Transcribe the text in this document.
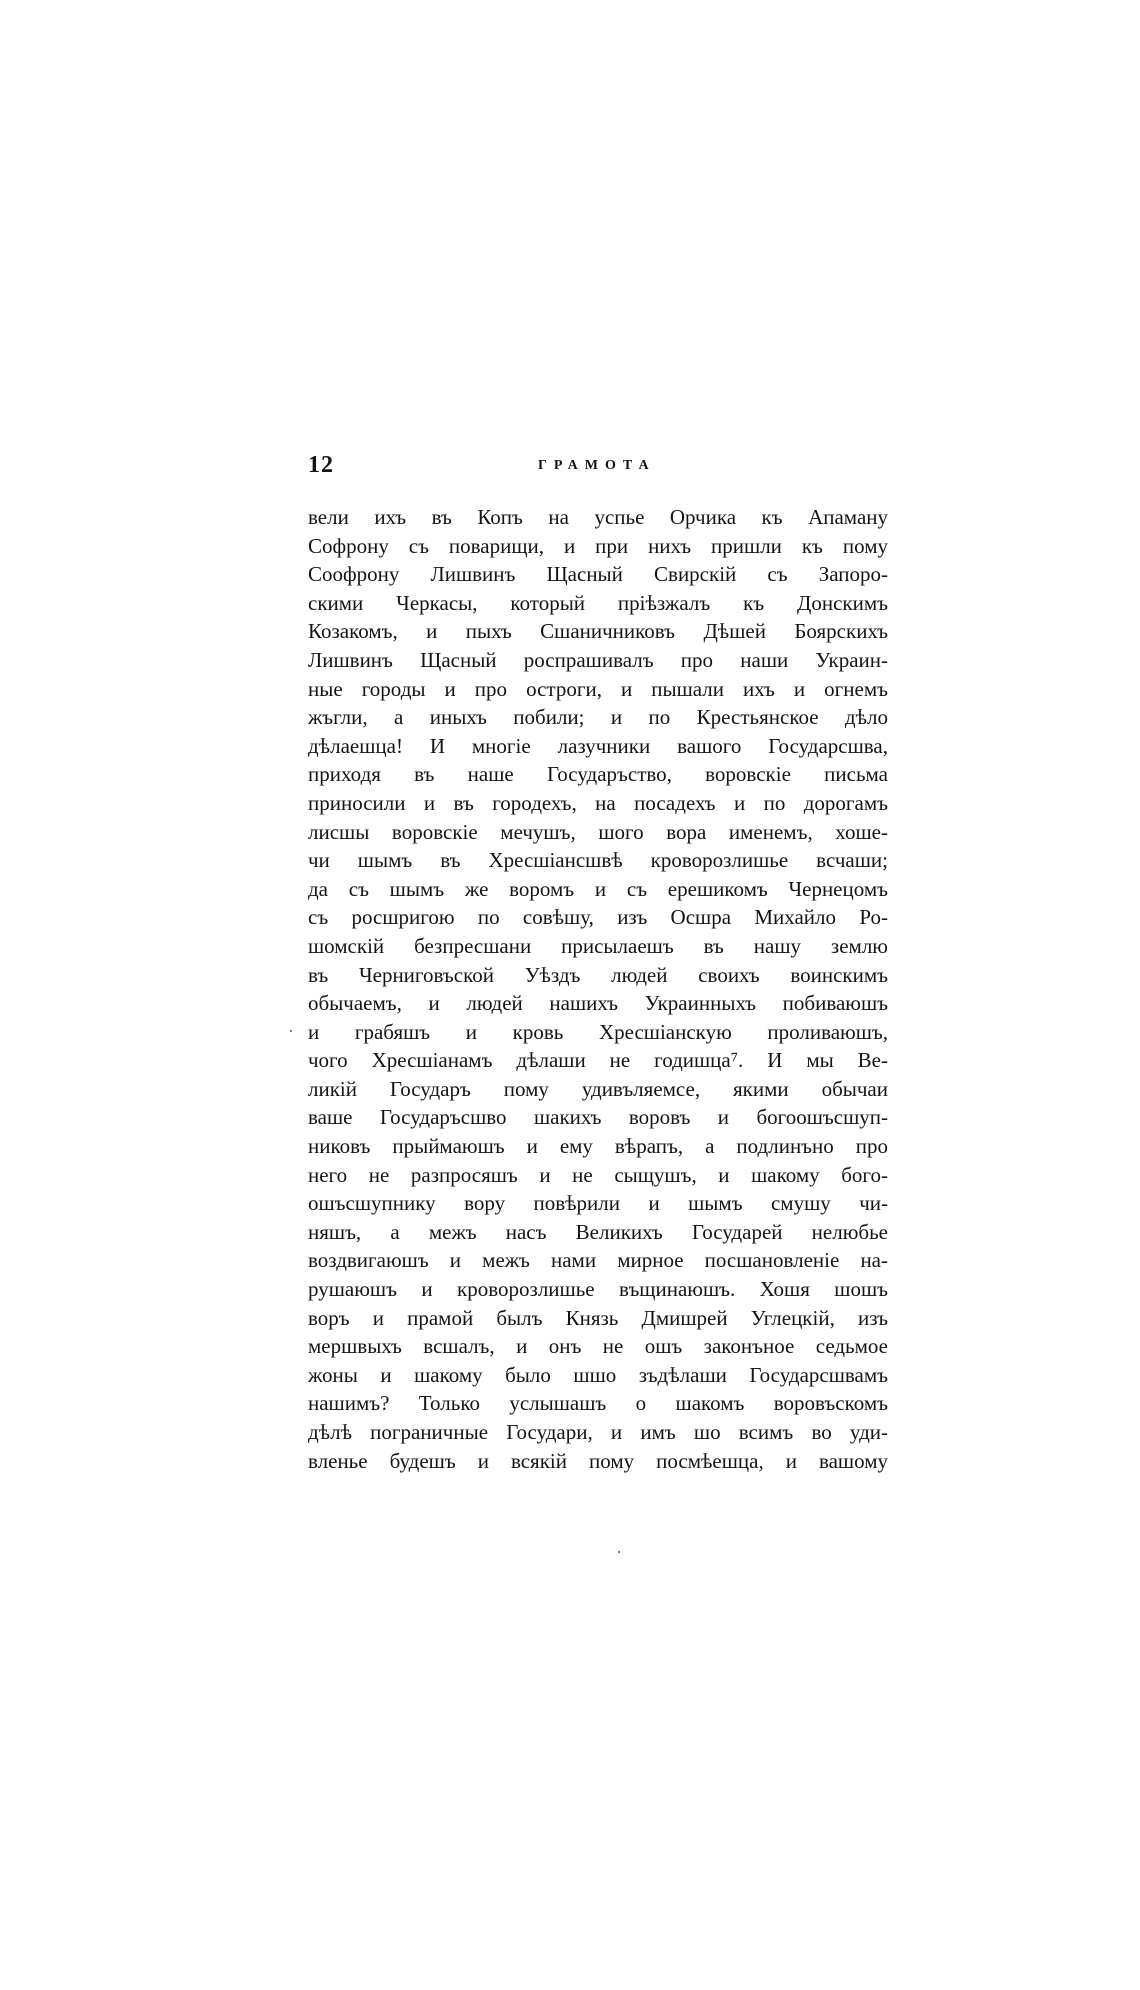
12	ГРАМОТА
вели ихъ въ Копъ на успье Орчика къ Апаману
Софрону съ поварищи, и при нихъ пришли къ пому
Соофрону Лишвинъ Щасный Свирскій съ Запоро-
скими Черкасы, который пріѣзжалъ къ Донскимъ
Козакомъ, и пыхъ Сшаничниковъ Дѣшей Боярскихъ
Лишвинъ Щасный роспрашивалъ про наши Украин-
ные городы и про остроги, и пышали ихъ и огнемъ
жъгли, а иныхъ побили; и по Крестьянское дѣло
дѣлаешца! И многіе лазучники вашого Государсшва,
приходя въ наше Государъство, воровскіе письма
приносили и въ городехъ, на посадехъ и по дорогамъ
лисшы воровскіе мечушъ, шого вора именемъ, хоше-
чи шымъ въ Хресшіансшвѣ кроворозлишье всчаши;
да съ шымъ же воромъ и съ ерешикомъ Чернецомъ
съ росшригою по совѣшу, изъ Осшра Михайло Ро-
шомскій безпресшани присылаешъ въ нашу землю
въ Черниговъской Уѣздъ людей своихъ воинскимъ
обычаемъ, и людей нашихъ Украинныхъ побиваюшъ
и грабяшъ и кровь Хресшіанскую проливаюшъ,
чого Хресшіанамъ дѣлаши не годишца⁷. И мы Ве-
ликій Государъ пому удивъляемсе, якими обычаи
ваше Государъсшво шакихъ воровъ и богоошъсшуп-
никовъ прыймаюшъ и ему вѣрапъ, а подлинъно про
него не разпросяшъ и не сыщушъ, и шакому бого-
ошъсшупнику вору повѣрили и шымъ смушу чи-
няшъ, а межъ насъ Великихъ Государей нелюбье
воздвигаюшъ и межъ нами мирное посшановленіе на-
рушаюшъ и кроворозлишье въщинаюшъ. Хошя шошъ
воръ и прамой былъ Князь Дмишрей Углецкій, изъ
мершвыхъ всшалъ, и онъ не ошъ законъное седьмое
жоны и шакому было шшо зъдѣлаши Государсшвамъ
нашимъ? Только услышашъ о шакомъ воровъскомъ
дѣлѣ пограничные Государи, и имъ шо всимъ во уди-
вленье будешъ и всякій пому посмѣешца, и вашому
